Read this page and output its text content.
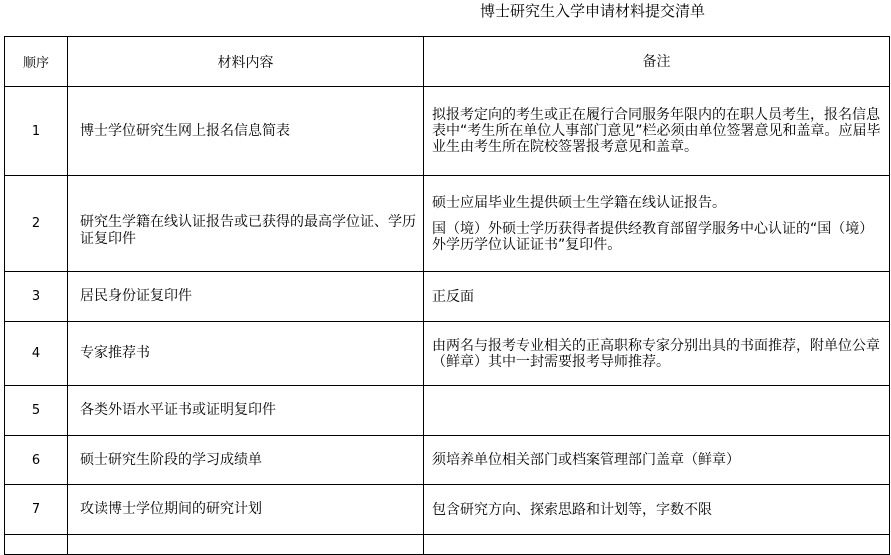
博士研究生入学申请材料提交清单
顺序	材料内容	备注
1	博士学位研究生网上报名信息简表	拟报考定向的考生或正在履行合同服务年限内的在职人员考生，报名信息表中“考生所在单位人事部门意见”栏必须由单位签署意见和盖章。应届毕业生由考生所在院校签署报考意见和盖章。

2	研究生学籍在线认证报告或已获得的最高学位证、学历证复印件	硕士应届毕业生提供硕士生学籍在线认证报告。
国（境）外硕士学历获得者提供经教育部留学服务中心认证的“国（境）外学历学位认证证书”复印件。

3	居民身份证复印件	正反面

4	专家推荐书	由两名与报考专业相关的正高职称专家分别出具的书面推荐，附单位公章（鲜章）其中一封需要报考导师推荐。

5	各类外语水平证书或证明复印件	

6	硕士研究生阶段的学习成绩单	须培养单位相关部门或档案管理部门盖章（鲜章）

7	攻读博士学位期间的研究计划	包含研究方向、探索思路和计划等，字数不限
